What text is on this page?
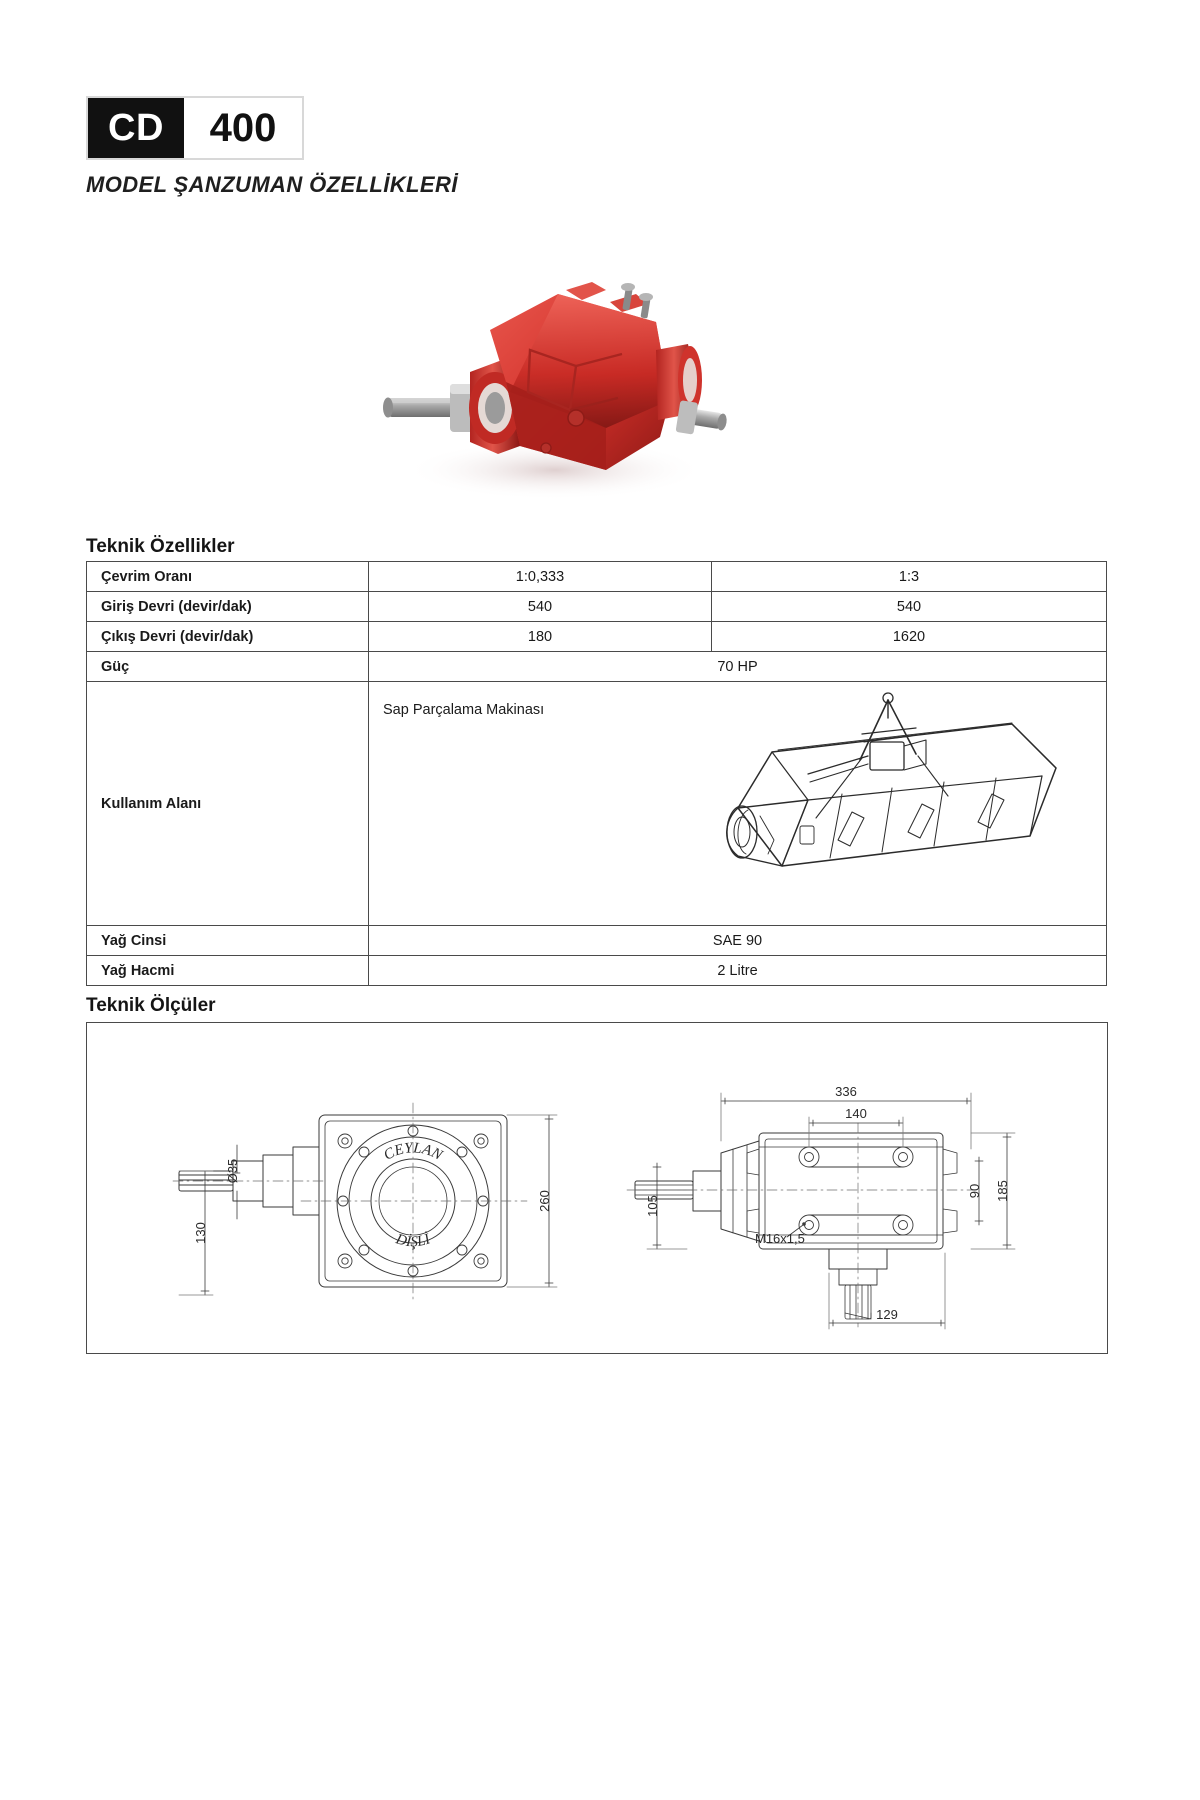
CD	400
MODEL ŞANZUMAN ÖZELLİKLERİ
Teknik Özellikler
Çevrim Oranı	1:0,333	1:3
Giriş Devri (devir/dak)	540	540
Çıkış Devri (devir/dak)	180	1620
Güç	70 HP	
Kullanım Alanı	Sap Parçalama Makinası	

Yağ Cinsi	SAE 90	
Yağ Hacmi	2 Litre	
Teknik Ölçüler
Ø35
130
260
336
140
185
90
105
129
M16x1,5
CEYLAN
DİŞLİ
